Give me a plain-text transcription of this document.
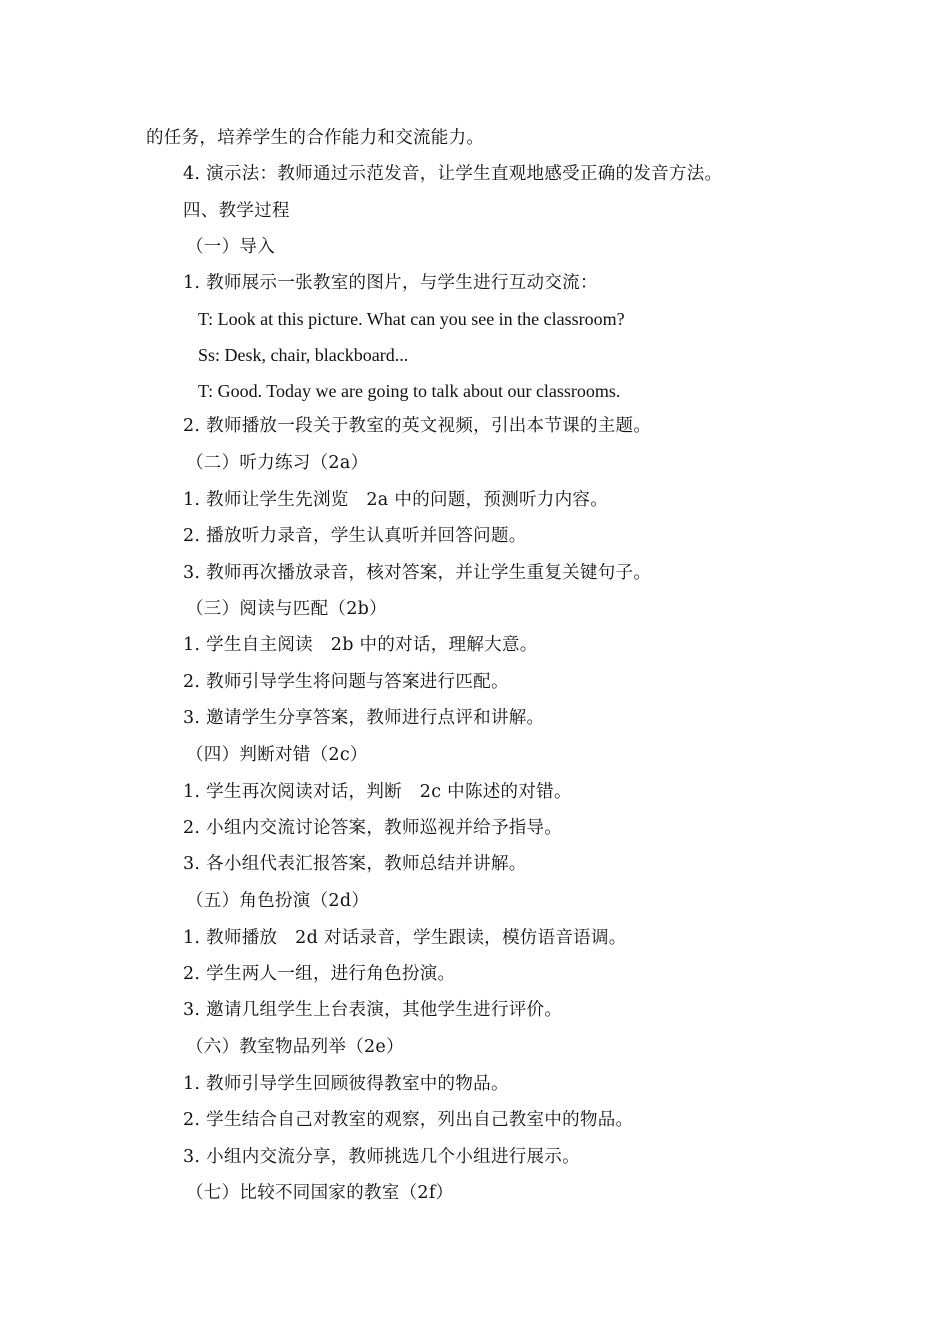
的任务，培养学生的合作能力和交流能力。
4. 演示法：教师通过示范发音，让学生直观地感受正确的发音方法。
四、教学过程
（一）导入
1. 教师展示一张教室的图片，与学生进行互动交流：
T: Look at this picture. What can you see in the classroom?
Ss: Desk, chair, blackboard...
T: Good. Today we are going to talk about our classrooms.
2. 教师播放一段关于教室的英文视频，引出本节课的主题。
（二）听力练习（2a）
1. 教师让学生先浏览　2a 中的问题，预测听力内容。
2. 播放听力录音，学生认真听并回答问题。
3. 教师再次播放录音，核对答案，并让学生重复关键句子。
（三）阅读与匹配（2b）
1. 学生自主阅读　2b 中的对话，理解大意。
2. 教师引导学生将问题与答案进行匹配。
3. 邀请学生分享答案，教师进行点评和讲解。
（四）判断对错（2c）
1. 学生再次阅读对话，判断　2c 中陈述的对错。
2. 小组内交流讨论答案，教师巡视并给予指导。
3. 各小组代表汇报答案，教师总结并讲解。
（五）角色扮演（2d）
1. 教师播放　2d 对话录音，学生跟读，模仿语音语调。
2. 学生两人一组，进行角色扮演。
3. 邀请几组学生上台表演，其他学生进行评价。
（六）教室物品列举（2e）
1. 教师引导学生回顾彼得教室中的物品。
2. 学生结合自己对教室的观察，列出自己教室中的物品。
3. 小组内交流分享，教师挑选几个小组进行展示。
（七）比较不同国家的教室（2f）
